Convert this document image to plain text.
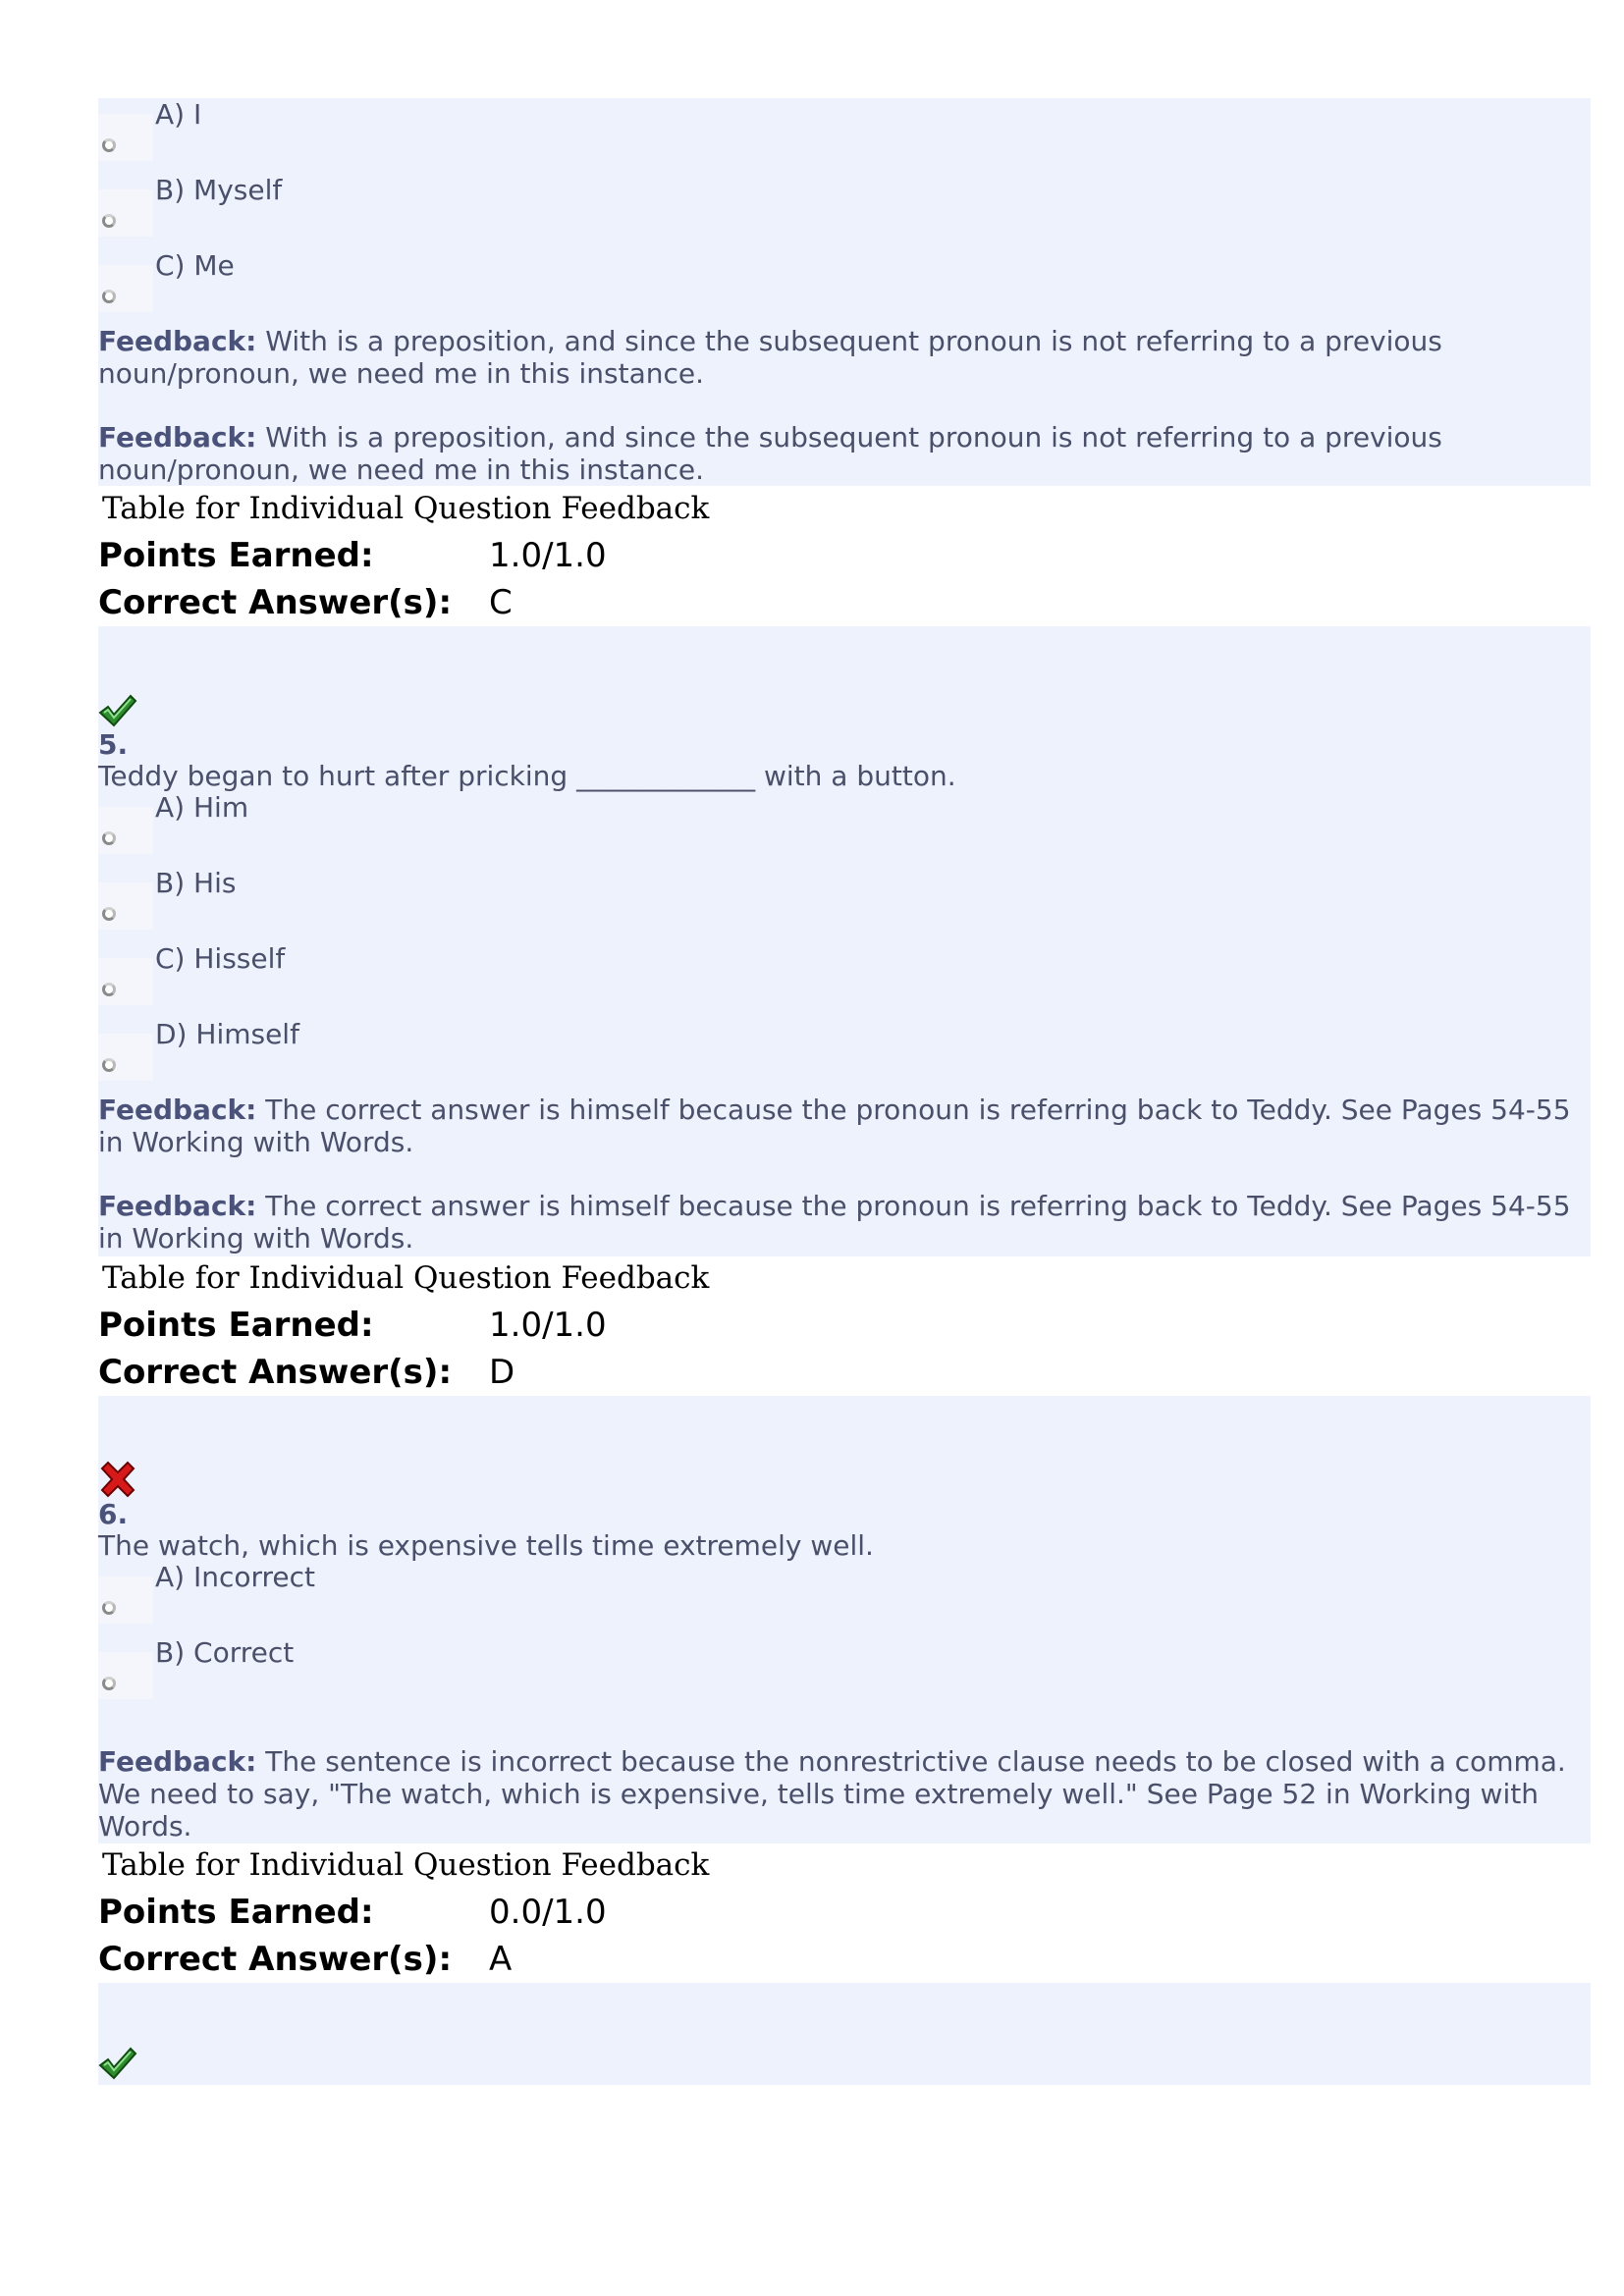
A) I
B) Myself
C) Me
Feedback: With is a preposition, and since the subsequent pronoun is not referring to a previous noun/pronoun, we need me in this instance.
Feedback: With is a preposition, and since the subsequent pronoun is not referring to a previous noun/pronoun, we need me in this instance.
Table for Individual Question Feedback
Points Earned:	1.0/1.0
Correct Answer(s): C
5.
Teddy began to hurt after pricking _____________ with a button.
A) Him
B) His
C) Hisself
D) Himself
Feedback: The correct answer is himself because the pronoun is referring back to Teddy. See Pages 54-55 in Working with Words.
Feedback: The correct answer is himself because the pronoun is referring back to Teddy. See Pages 54-55 in Working with Words.
Table for Individual Question Feedback
Points Earned:	1.0/1.0
Correct Answer(s): D
6.
The watch, which is expensive tells time extremely well.
A) Incorrect
B) Correct
Feedback: The sentence is incorrect because the nonrestrictive clause needs to be closed with a comma. We need to say, "The watch, which is expensive, tells time extremely well." See Page 52 in Working with Words.
Table for Individual Question Feedback
Points Earned:	0.0/1.0
Correct Answer(s): A
